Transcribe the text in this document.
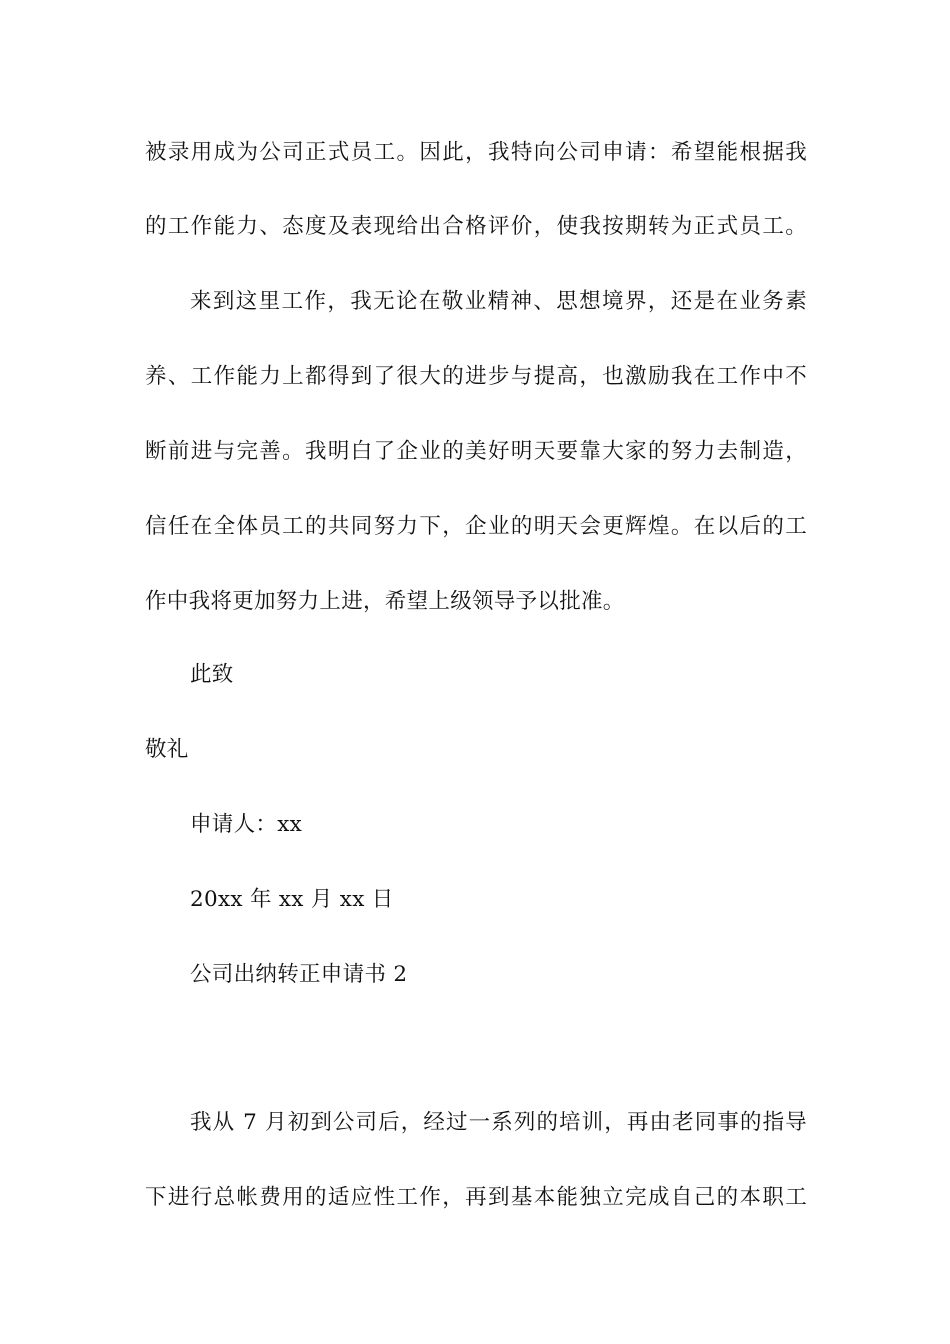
被录用成为公司正式员工。因此，我特向公司申请：希望能根据我
的工作能力、态度及表现给出合格评价，使我按期转为正式员工。
来到这里工作，我无论在敬业精神、思想境界，还是在业务素
养、工作能力上都得到了很大的进步与提高，也激励我在工作中不
断前进与完善。我明白了企业的美好明天要靠大家的努力去制造，
信任在全体员工的共同努力下，企业的明天会更辉煌。在以后的工
作中我将更加努力上进，希望上级领导予以批准。
此致
敬礼
申请人：xx
20xx 年 xx 月 xx 日
公司出纳转正申请书 2
我从 7 月初到公司后，经过一系列的培训，再由老同事的指导
下进行总帐费用的适应性工作，再到基本能独立完成自己的本职工
